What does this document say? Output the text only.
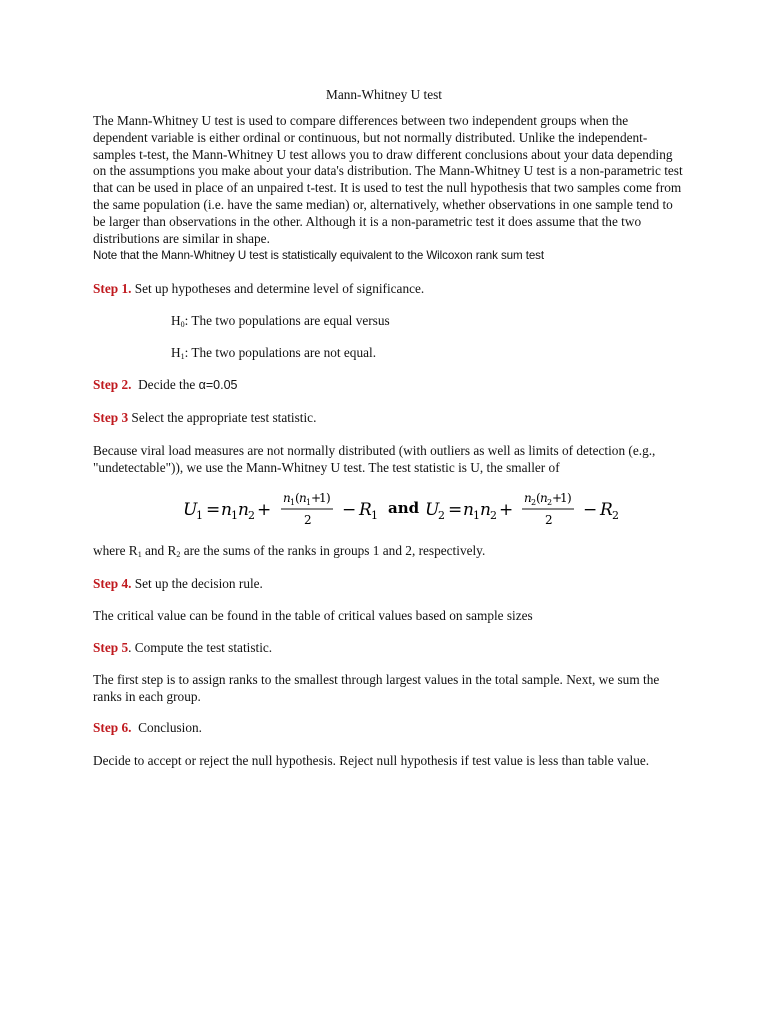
Mann-Whitney U test
The Mann-Whitney U test is used to compare differences between two independent groups when the dependent variable is either ordinal or continuous, but not normally distributed. Unlike the independent-samples t-test, the Mann-Whitney U test allows you to draw different conclusions about your data depending on the assumptions you make about your data's distribution. The Mann-Whitney U test is a non-parametric test that can be used in place of an unpaired t-test. It is used to test the null hypothesis that two samples come from the same population (i.e. have the same median) or, alternatively, whether observations in one sample tend to be larger than observations in the other. Although it is a non-parametric test it does assume that the two distributions are similar in shape.
Note that the Mann-Whitney U test is statistically equivalent to the Wilcoxon rank sum test
Step 1. Set up hypotheses and determine level of significance.
$H_0$: The two populations are equal versus
$H_1$: The two populations are not equal.
Step 2.  Decide the α=0.05
Step 3 Select the appropriate test statistic.
Because viral load measures are not normally distributed (with outliers as well as limits of detection (e.g., "undetectable")), we use the Mann-Whitney U test. The test statistic is U, the smaller of
U
1 = n 1 n 2 +
n 1 ( n 1 +
1 )
2 − R 1 and U
2 = n 1 n 2 +
n 2 ( n 2 +
1 )
2 − R 2
where $R_1$ and $R_2$ are the sums of the ranks in groups 1 and 2, respectively.
Step 4. Set up the decision rule.
The critical value can be found in the table of critical values based on sample sizes
Step 5. Compute the test statistic.
The first step is to assign ranks to the smallest through largest values in the total sample. Next, we sum the ranks in each group.
Step 6.  Conclusion.
Decide to accept or reject the null hypothesis. Reject null hypothesis if test value is less than table value.
